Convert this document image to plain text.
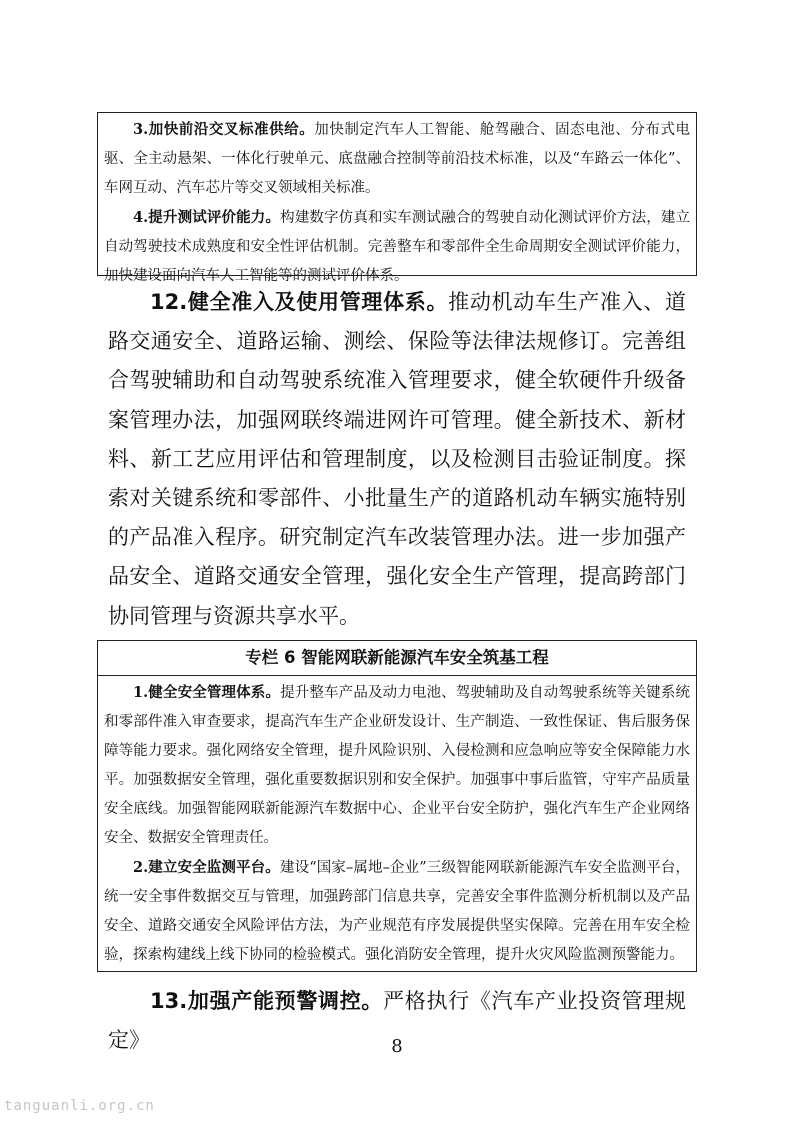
3.加快前沿交叉标准供给。加快制定汽车人工智能、舱驾融合、固态电池、分布式电驱、全主动悬架、一体化行驶单元、底盘融合控制等前沿技术标准，以及“车路云一体化”、车网互动、汽车芯片等交叉领域相关标准。

4.提升测试评价能力。构建数字仿真和实车测试融合的驾驶自动化测试评价方法，建立自动驾驶技术成熟度和安全性评估机制。完善整车和零部件全生命周期安全测试评价能力，加快建设面向汽车人工智能等的测试评价体系。

12.健全准入及使用管理体系。推动机动车生产准入、道路交通安全、道路运输、测绘、保险等法律法规修订。完善组合驾驶辅助和自动驾驶系统准入管理要求，健全软硬件升级备案管理办法，加强网联终端进网许可管理。健全新技术、新材料、新工艺应用评估和管理制度，以及检测目击验证制度。探索对关键系统和零部件、小批量生产的道路机动车辆实施特别的产品准入程序。研究制定汽车改装管理办法。进一步加强产品安全、道路交通安全管理，强化安全生产管理，提高跨部门协同管理与资源共享水平。

专栏 6 智能网联新能源汽车安全筑基工程

1.健全安全管理体系。提升整车产品及动力电池、驾驶辅助及自动驾驶系统等关键系统和零部件准入审查要求，提高汽车生产企业研发设计、生产制造、一致性保证、售后服务保障等能力要求。强化网络安全管理，提升风险识别、入侵检测和应急响应等安全保障能力水平。加强数据安全管理，强化重要数据识别和安全保护。加强事中事后监管，守牢产品质量安全底线。加强智能网联新能源汽车数据中心、企业平台安全防护，强化汽车生产企业网络安全、数据安全管理责任。

2.建立安全监测平台。建设“国家–属地–企业”三级智能网联新能源汽车安全监测平台，统一安全事件数据交互与管理，加强跨部门信息共享，完善安全事件监测分析机制以及产品安全、道路交通安全风险评估方法，为产业规范有序发展提供坚实保障。完善在用车安全检验，探索构建线上线下协同的检验模式。强化消防安全管理，提升火灾风险监测预警能力。

13.加强产能预警调控。严格执行《汽车产业投资管理规定》	8
tanguanli.org.cn
